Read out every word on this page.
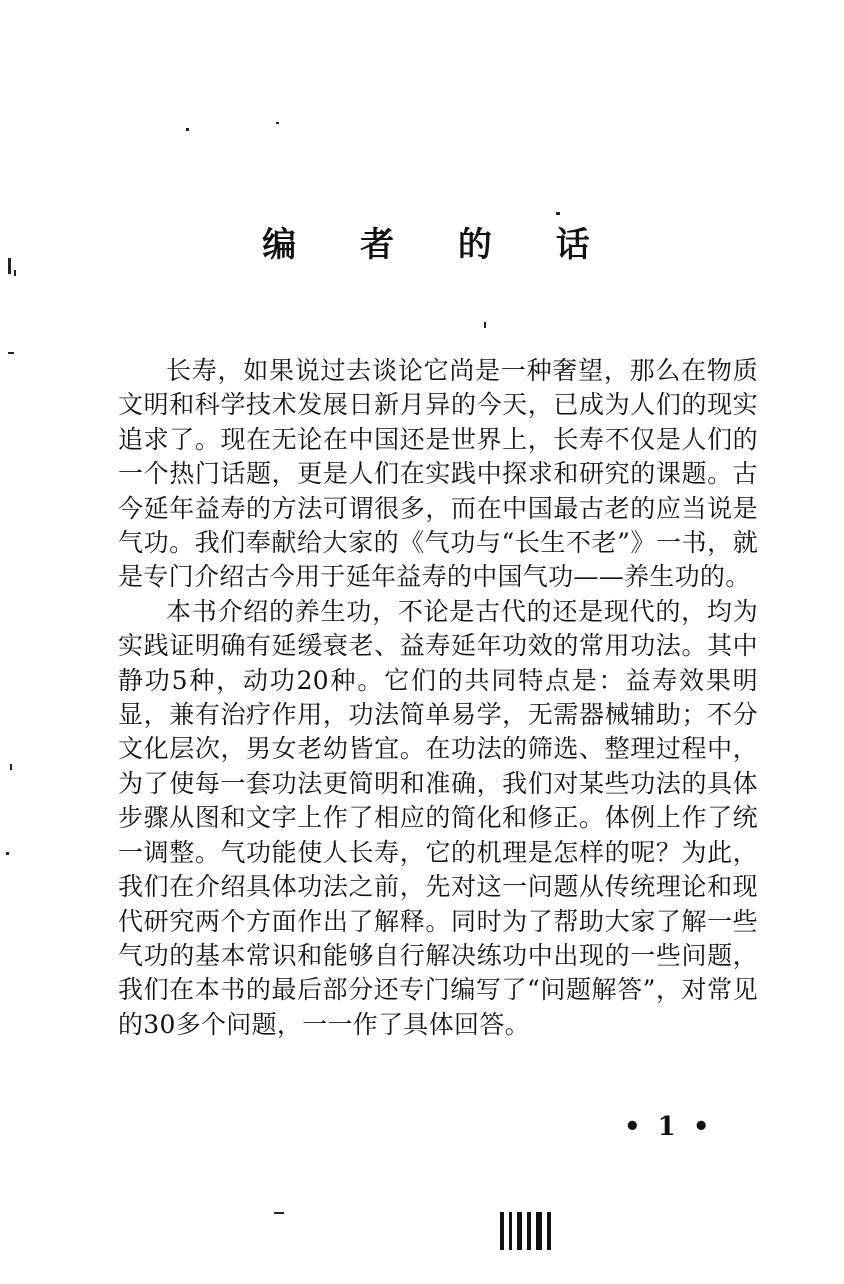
编 者 的 话

长寿，如果说过去谈论它尚是一种奢望，那么在物质文明和科学技术发展日新月异的今天，已成为人们的现实追求了。现在无论在中国还是世界上，长寿不仅是人们的一个热门话题，更是人们在实践中探求和研究的课题。古今延年益寿的方法可谓很多，而在中国最古老的应当说是气功。我们奉献给大家的《气功与“长生不老”》一书，就是专门介绍古今用于延年益寿的中国气功——养生功的。

本书介绍的养生功，不论是古代的还是现代的，均为实践证明确有延缓衰老、益寿延年功效的常用功法。其中静功5种，动功20种。它们的共同特点是：益寿效果明显，兼有治疗作用，功法简单易学，无需器械辅助；不分文化层次，男女老幼皆宜。在功法的筛选、整理过程中，为了使每一套功法更简明和准确，我们对某些功法的具体步骤从图和文字上作了相应的简化和修正。体例上作了统一调整。气功能使人长寿，它的机理是怎样的呢？为此，我们在介绍具体功法之前，先对这一问题从传统理论和现代研究两个方面作出了解释。同时为了帮助大家了解一些气功的基本常识和能够自行解决练功中出现的一些问题，我们在本书的最后部分还专门编写了“问题解答”，对常见的30多个问题，一一作了具体回答。

• 1 •
